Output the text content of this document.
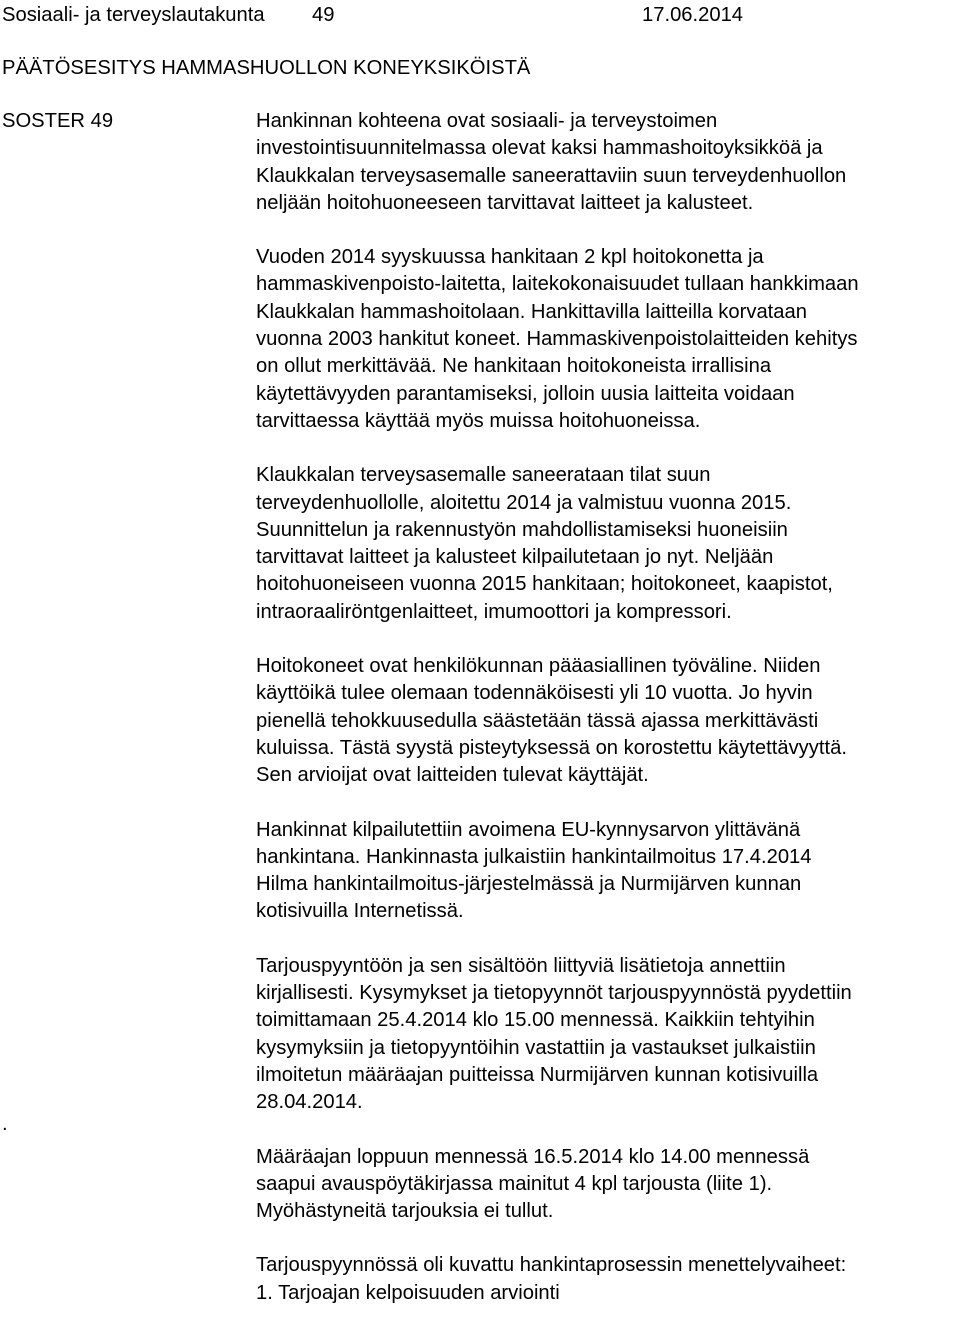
Sosiaali- ja terveyslautakunta 49	17.06.2014
PÄÄTÖSESITYS HAMMASHUOLLON KONEYKSIKÖISTÄ
SOSTER 49
.

Hankinnan kohteena ovat sosiaali- ja terveystoimen
investointisuunnitelmassa olevat kaksi hammashoitoyksikköä ja
Klaukkalan terveysasemalle saneerattaviin suun terveydenhuollon
neljään hoitohuoneeseen tarvittavat laitteet ja kalusteet.

Vuoden 2014 syyskuussa hankitaan 2 kpl hoitokonetta ja
hammaskivenpoisto-laitetta, laitekokonaisuudet tullaan hankkimaan
Klaukkalan hammashoitolaan. Hankittavilla laitteilla korvataan
vuonna 2003 hankitut koneet. Hammaskivenpoistolaitteiden kehitys
on ollut merkittävää. Ne hankitaan hoitokoneista irrallisina
käytettävyyden parantamiseksi, jolloin uusia laitteita voidaan
tarvittaessa käyttää myös muissa hoitohuoneissa.

Klaukkalan terveysasemalle saneerataan tilat suun
terveydenhuollolle, aloitettu 2014 ja valmistuu vuonna 2015.
Suunnittelun ja rakennustyön mahdollistamiseksi huoneisiin
tarvittavat laitteet ja kalusteet kilpailutetaan jo nyt. Neljään
hoitohuoneiseen vuonna 2015 hankitaan; hoitokoneet, kaapistot,
intraoraaliröntgenlaitteet, imumoottori ja kompressori.

Hoitokoneet ovat henkilökunnan pääasiallinen työväline. Niiden
käyttöikä tulee olemaan todennäköisesti yli 10 vuotta. Jo hyvin
pienellä tehokkuusedulla säästetään tässä ajassa merkittävästi
kuluissa. Tästä syystä pisteytyksessä on korostettu käytettävyyttä.
Sen arvioijat ovat laitteiden tulevat käyttäjät.

Hankinnat kilpailutettiin avoimena EU-kynnysarvon ylittävänä
hankintana. Hankinnasta julkaistiin hankintailmoitus 17.4.2014
Hilma hankintailmoitus-järjestelmässä ja Nurmijärven kunnan
kotisivuilla Internetissä.

Tarjouspyyntöön ja sen sisältöön liittyviä lisätietoja annettiin
kirjallisesti. Kysymykset ja tietopyynnöt tarjouspyynnöstä pyydettiin
toimittamaan 25.4.2014 klo 15.00 mennessä. Kaikkiin tehtyihin
kysymyksiin ja tietopyyntöihin vastattiin ja vastaukset julkaistiin
ilmoitetun määräajan puitteissa Nurmijärven kunnan kotisivuilla
28.04.2014.

Määräajan loppuun mennessä 16.5.2014 klo 14.00 mennessä
saapui avauspöytäkirjassa mainitut 4 kpl tarjousta (liite 1).
Myöhästyneitä tarjouksia ei tullut.

Tarjouspyynnössä oli kuvattu hankintaprosessin menettelyvaiheet:
1. Tarjoajan kelpoisuuden arviointi
